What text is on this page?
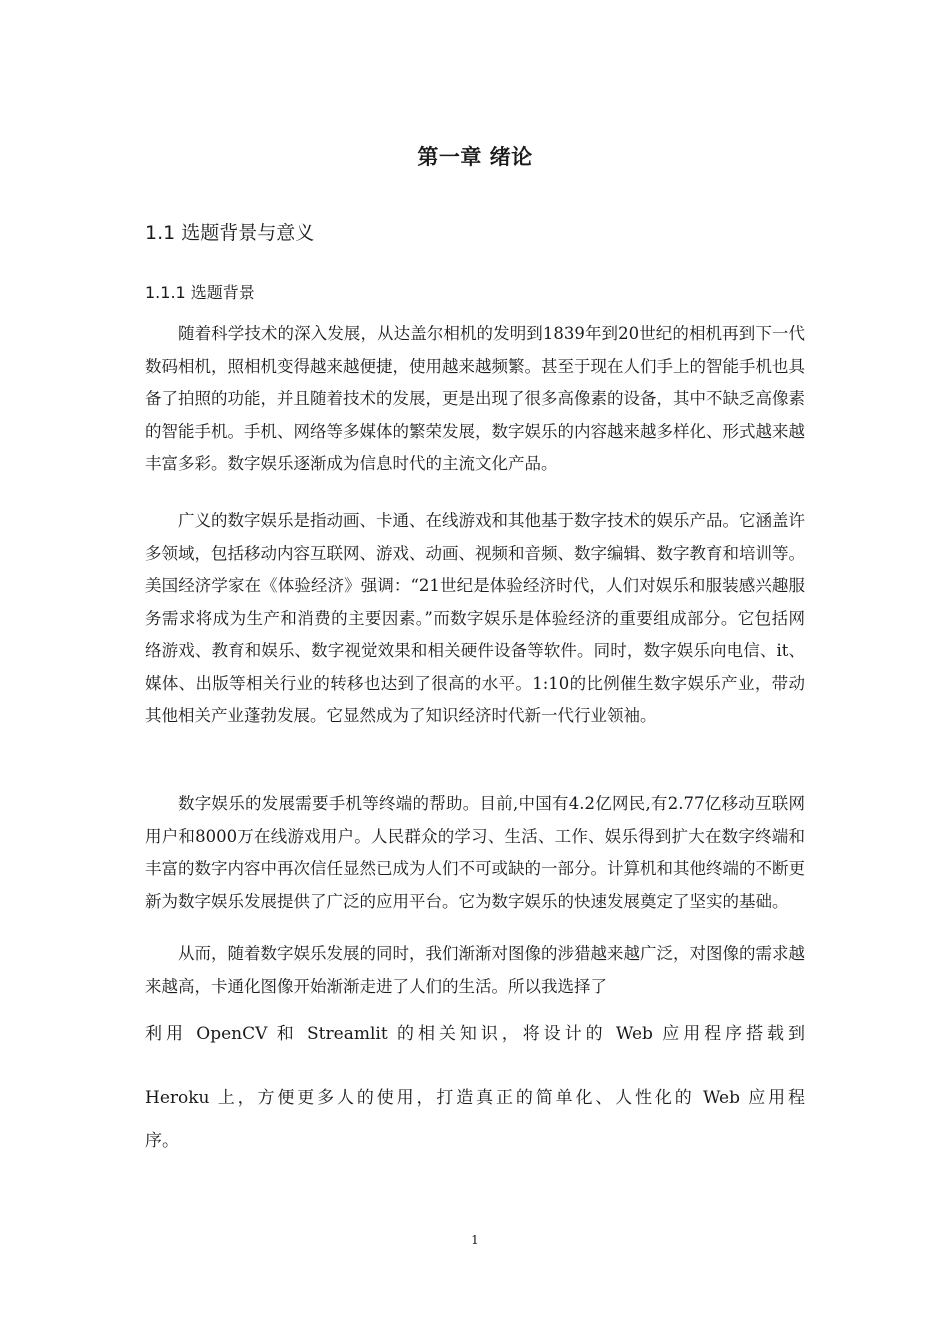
第一章 绪论
1.1 选题背景与意义
1.1.1 选题背景

随着科学技术的深入发展，从达盖尔相机的发明到1839年到20世纪的相机再到下一代数码相机，照相机变得越来越便捷，使用越来越频繁。甚至于现在人们手上的智能手机也具备了拍照的功能，并且随着技术的发展，更是出现了很多高像素的设备，其中不缺乏高像素的智能手机。手机、网络等多媒体的繁荣发展，数字娱乐的内容越来越多样化、形式越来越丰富多彩。数字娱乐逐渐成为信息时代的主流文化产品。

广义的数字娱乐是指动画、卡通、在线游戏和其他基于数字技术的娱乐产品。它涵盖许多领域，包括移动内容互联网、游戏、动画、视频和音频、数字编辑、数字教育和培训等。美国经济学家在《体验经济》强调：“21世纪是体验经济时代，人们对娱乐和服装感兴趣服务需求将成为生产和消费的主要因素。”而数字娱乐是体验经济的重要组成部分。它包括网络游戏、教育和娱乐、数字视觉效果和相关硬件设备等软件。同时，数字娱乐向电信、it、媒体、出版等相关行业的转移也达到了很高的水平。1:10的比例催生数字娱乐产业，带动其他相关产业蓬勃发展。它显然成为了知识经济时代新一代行业领袖。

数字娱乐的发展需要手机等终端的帮助。目前,中国有4.2亿网民,有2.77亿移动互联网用户和8000万在线游戏用户。人民群众的学习、生活、工作、娱乐得到扩大在数字终端和丰富的数字内容中再次信任显然已成为人们不可或缺的一部分。计算机和其他终端的不断更新为数字娱乐发展提供了广泛的应用平台。它为数字娱乐的快速发展奠定了坚实的基础。

从而，随着数字娱乐发展的同时，我们渐渐对图像的涉猎越来越广泛，对图像的需求越来越高，卡通化图像开始渐渐走进了人们的生活。所以我选择了

利用 OpenCV 和 Streamlit 的相关知识，将设计的 Web 应用程序搭载到

Heroku 上，方便更多人的使用，打造真正的简单化、人性化的 Web 应用程

序。

1
